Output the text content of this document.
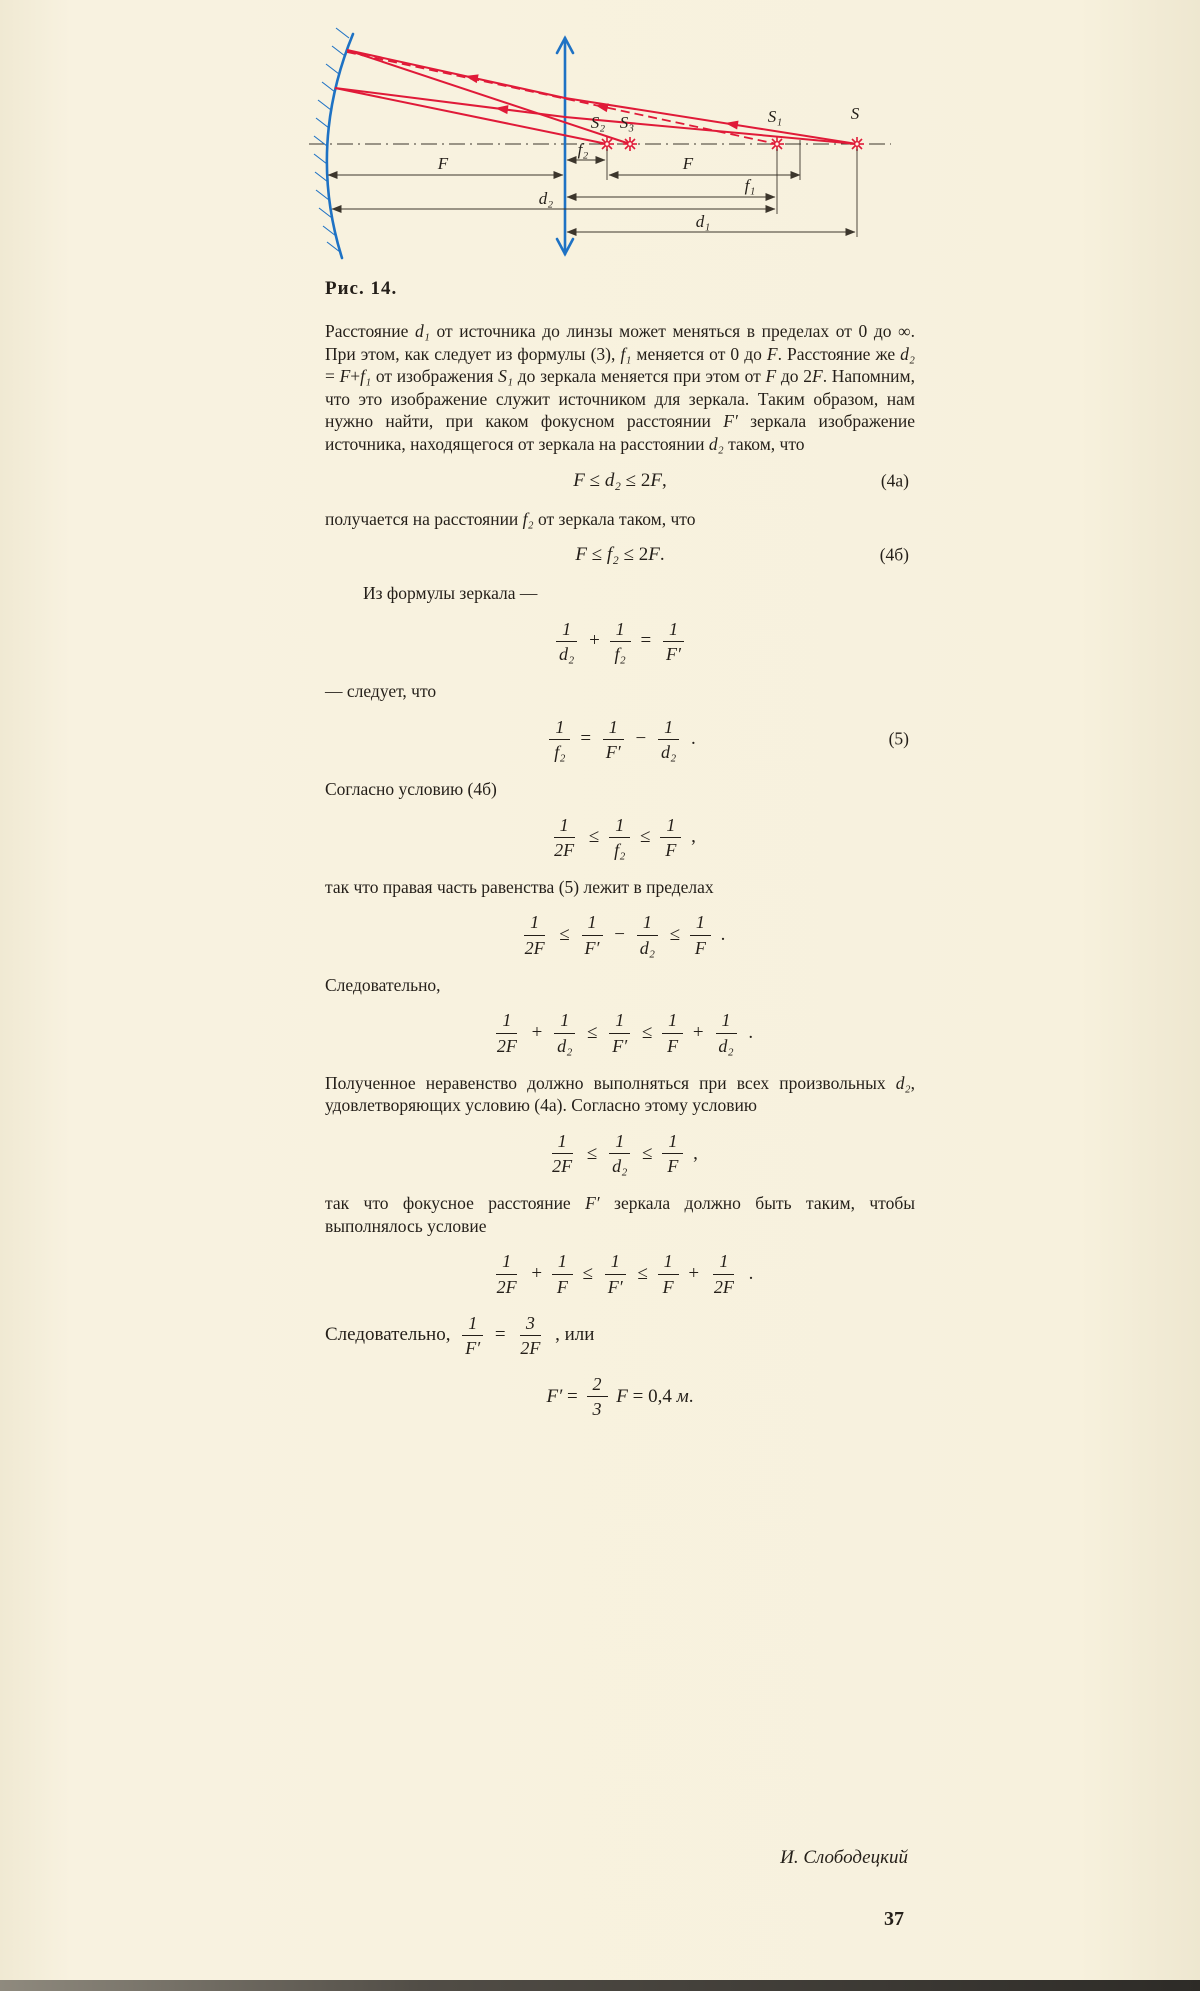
S₂ S₃	S₁	S
F
f₂
F
f₁
d₂
d₁

Рис. 14.

Расстояние d₁ от источника до линзы может меняться в пределах от 0 до ∞. При этом, как следует из формулы (3), f₁ меняется от 0 до F. Расстояние же d₂ = F+f₁ от изображения S₁ до зеркала меняется при этом от F до 2F. Напомним, что это изображение служит источником для зеркала. Таким образом, нам нужно найти, при каком фокусном расстоянии F′ зеркала изображение источника, находящегося от зеркала на расстоянии d₂ таком, что

F ≤ d₂ ≤ 2 F ,	(4а)

получается на расстоянии f₂ от зеркала таком, что

F ≤ f₂ ≤ 2 F .	(4б)

Из формулы зеркала —

$\frac{1}{\text{d₂}} + \frac{1}{\text{f₂}} = \frac{1}{F'}$

— следует, что

$\frac{1}{\text{f₂}} = \frac{1}{F'} - \frac{1}{\text{d₂}}$ .	(5)

Согласно условию (4б)

$\frac{1}{2F} \le \frac{1}{\text{f₂}} \le \frac{1}{F}$ ,

так что правая часть равенства (5) лежит в пределах

$\frac{1}{2F} \le \frac{1}{F'} - \frac{1}{\text{d₂}} \le \frac{1}{F}$ .

Следовательно,

$\frac{1}{2F} + \frac{1}{\text{d₂}} \le \frac{1}{F'} \le \frac{1}{F} + \frac{1}{\text{d₂}}$ .

Полученное неравенство должно выполняться при всех произвольных d₂, удовлетворяющих условию (4а). Согласно этому условию

$\frac{1}{2F} \le \frac{1}{\text{d₂}} \le \frac{1}{F}$ ,

так что фокусное расстояние F′ зеркала должно быть таким, чтобы выполнялось условие

$\frac{1}{2F} + \frac{1}{F} \le \frac{1}{F'} \le \frac{1}{F} + \frac{1}{2F}$ .
Следовательно, $\frac{1}{F'} = \frac{3}{2F}$ , или
$F' = \frac{2}{3}$ F = 0,4 м .
И. Слободецкий
37
